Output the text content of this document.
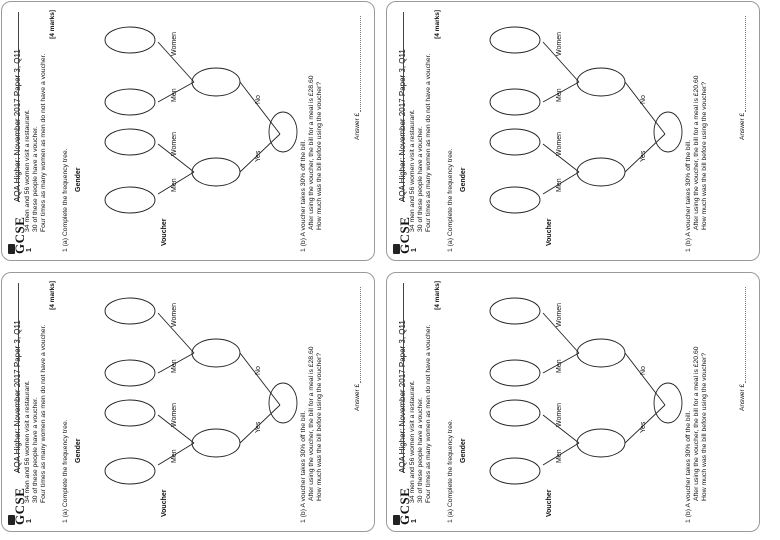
GCSE
AQA Higher: November 2017 Paper 3, Q11
1
34 men and 56 women visit a restaurant. 30 of these people have a voucher. Four times as many women as men do not have a voucher.
[4 marks]
1 (a) Complete the frequency tree. Gender
Voucher
Yes
No
Men
Women
Men
Women
1 (b) A voucher takes 30% off the bill. After using the voucher, the bill for a meal is £28.60 How much was the bill before using the voucher?	Answer £
GCSE
AQA Higher: November 2017 Paper 3, Q11
1
34 men and 56 women visit a restaurant. 30 of these people have a voucher. Four times as many women as men do not have a voucher.
[4 marks]
1 (a) Complete the frequency tree. Gender
Voucher
Yes
No
Men
Women
Men
Women
1 (b) A voucher takes 30% off the bill. After using the voucher, the bill for a meal is £20.60 How much was the bill before using the voucher?	Answer £
GCSE
AQA Higher: November 2017 Paper 3, Q11
1
34 men and 56 women visit a restaurant. 30 of these people have a voucher. Four times as many women as men do not have a voucher.
[4 marks]
1 (a) Complete the frequency tree. Gender
Voucher
Yes
No
Men
Women
Men
Women
1 (b) A voucher takes 30% off the bill. After using the voucher, the bill for a meal is £28.60 How much was the bill before using the voucher?	Answer £
GCSE
AQA Higher: November 2017 Paper 3, Q11
1
34 men and 56 women visit a restaurant. 30 of these people have a voucher. Four times as many women as men do not have a voucher.
[4 marks]
1 (a) Complete the frequency tree. Gender
Voucher
Yes
No
Men
Women
Men
Women
1 (b) A voucher takes 30% off the bill. After using the voucher, the bill for a meal is £20.60 How much was the bill before using the voucher?	Answer £
